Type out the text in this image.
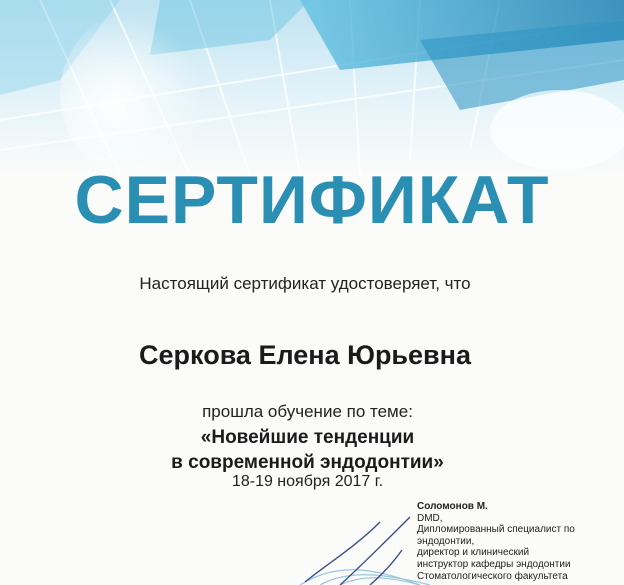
СЕРТИФИКАТ
Настоящий сертификат удостоверяет, что
Серкова Елена Юрьевна
прошла обучение по теме:
«Новейшие тенденции
в современной эндодонтии»
18-19 ноября 2017 г.
Соломонов М.
DMD,
Дипломированный специалист по
эндодонтии,
директор и клинический
инструктор кафедры эндодонтии
Стоматологического факультета
